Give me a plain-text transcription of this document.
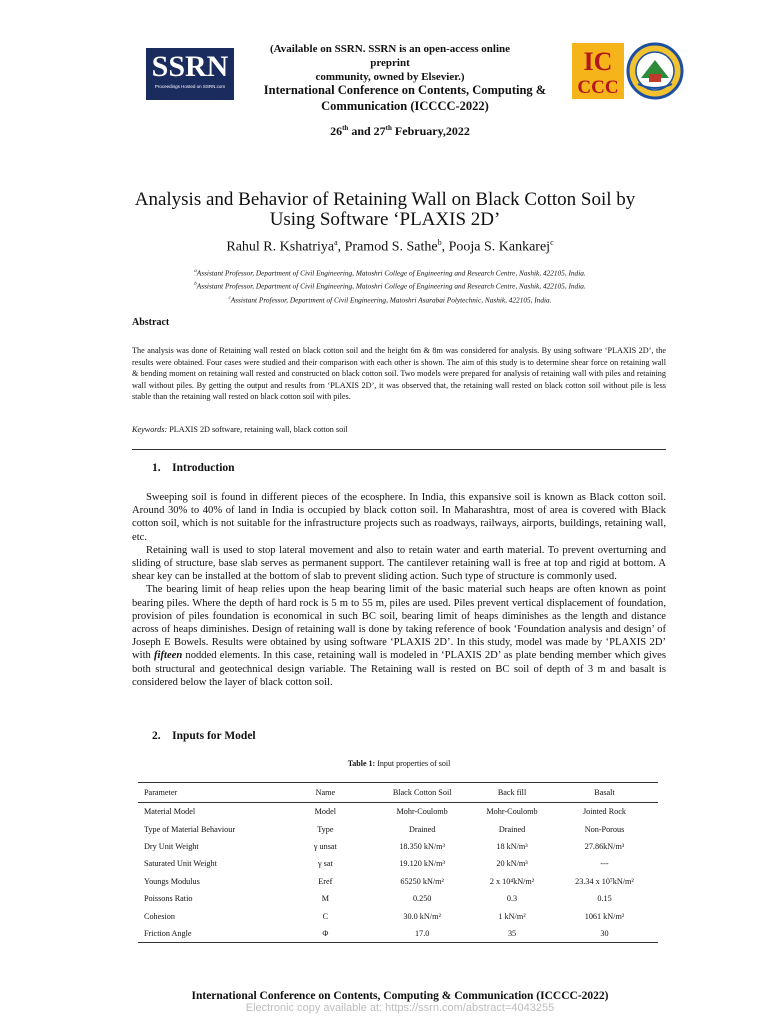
SSRN
Proceedings Hosted on SSRN.com
IC
CCC
(Available on SSRN. SSRN is an open-access online preprint
community, owned by Elsevier.)
International Conference on Contents, Computing &
Communication (ICCCC-2022)
26th and 27th February,2022
Analysis and Behavior of Retaining Wall on Black Cotton Soil by
Using Software ‘PLAXIS 2D’
Rahul R. Kshatriya$^a$, Pramod S. Sathe$^b$, Pooja S. Kankarej$^c$
$^a$Assistant Professor, Department of Civil Engineering, Matoshri College of Engineering and Research Centre, Nashik, 422105, India.
$^b$Assistant Professor, Department of Civil Engineering, Matoshri College of Engineering and Research Centre, Nashik, 422105, India.
$^c$Assistant Professor, Department of Civil Engineering, Matoshri Asarabai Polytechnic, Nashik, 422105, India.
Abstract
The analysis was done of Retaining wall rested on black cotton soil and the height 6m & 8m was considered for analysis. By using software ‘PLAXIS 2D’, the results were obtained. Four cases were studied and their comparison with each other is shown. The aim of this study is to determine shear force on retaining wall & bending moment on retaining wall rested and constructed on black cotton soil. Two models were prepared for analysis of retaining wall with piles and retaining wall without piles. By getting the output and results from ‘PLAXIS 2D’, it was observed that, the retaining wall rested on black cotton soil without pile is less stable than the retaining wall rested on black cotton soil with piles.
Keywords: PLAXIS 2D software, retaining wall, black cotton soil
1.    Introduction

Sweeping soil is found in different pieces of the ecosphere. In India, this expansive soil is known as Black cotton soil. Around 30% to 40% of land in India is occupied by black cotton soil. In Maharashtra, most of area is covered with Black cotton soil, which is not suitable for the infrastructure projects such as roadways, railways, airports, buildings, retaining wall, etc.

Retaining wall is used to stop lateral movement and also to retain water and earth material. To prevent overturning and sliding of structure, base slab serves as permanent support. The cantilever retaining wall is free at top and rigid at bottom. A shear key can be installed at the bottom of slab to prevent sliding action. Such type of structure is commonly used.

The bearing limit of heap relies upon the heap bearing limit of the basic material such heaps are often known as point bearing piles. Where the depth of hard rock is 5 m to 55 m, piles are used. Piles prevent vertical displacement of foundation, provision of piles foundation is economical in such BC soil, bearing limit of heaps diminishes as the length and distance across of heaps diminishes. Design of retaining wall is done by taking reference of book ‘Foundation analysis and design’ of Joseph E Bowels. Results were obtained by using software ‘PLAXIS 2D’. In this study, model was made by ‘PLAXIS 2D’ with fifteen nodded elements. In this case, retaining wall is modeled in ‘PLAXIS 2D’ as plate bending member which gives both structural and geotechnical design variable. The Retaining wall is rested on BC soil of depth of 3 m and basalt is considered below the layer of black cotton soil.

2.    Inputs for Model
Table 1: Input properties of soil
Parameter	Name	Black Cotton Soil	Back fill	Basalt
Material Model	Model	Mohr-Coulomb	Mohr-Coulomb	Jointed Rock
Type of Material Behaviour	Type	Drained	Drained	Non-Porous
Dry Unit Weight	γ unsat	18.350 kN/m³	18 kN/m³	27.86kN/m³
Saturated Unit Weight	γ sat	19.120 kN/m³	20 kN/m³	---
Youngs Modulus	Eref	65250 kN/m²	2 x 10⁴kN/m²	23.34 x 10⁷kN/m²
Poissons Ratio	Μ	0.250	0.3	0.15
Cohesion	C	30.0 kN/m²	1 kN/m²	1061 kN/m²
Friction Angle	Φ	17.0	35	30
International Conference on Contents, Computing & Communication (ICCCC-2022)
Electronic copy available at: https://ssrn.com/abstract=4043255
